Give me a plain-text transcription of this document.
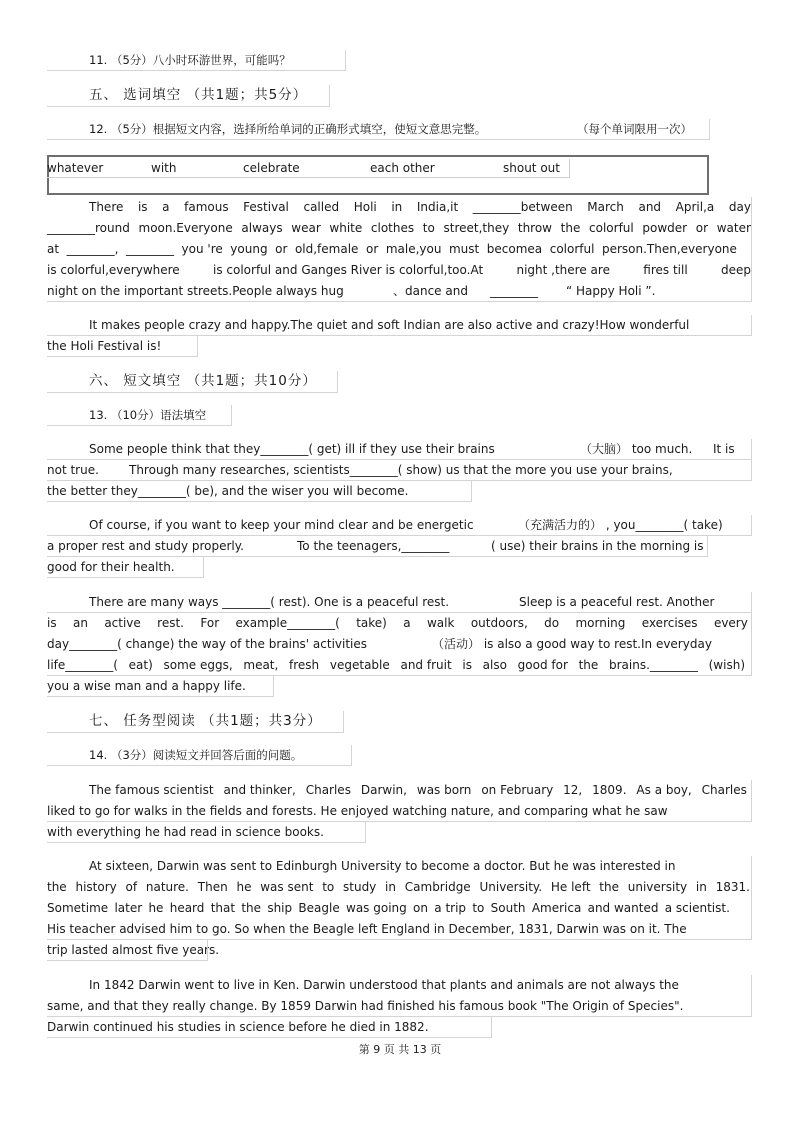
11. （5分）八小时环游世界，可能吗？
五、 选词填空 （共1题；共5分）
12. （5分）根据短文内容，选择所给单词的正确形式填空，使短文意思完整。	（每个单词限用一次）
whatever	with	celebrate	each other	shout out
There is a famous Festival called Holi in India,it ________between March and April,a day
________round moon.Everyone always wear white clothes to street,they throw the colorful powder or water
at ________, ________ you 're young or old,female or male,you must becomea colorful person.Then,everyone
is colorful,everywhere	is colorful and Ganges River is colorful,too.At	night ,there are	fires till	deep
night on the important streets.People always hug	、dance and ________ “ Happy Holi ”.
It makes people crazy and happy.The quiet and soft Indian are also active and crazy!How wonderful
the Holi Festival is!
六、 短文填空 （共1题；共10分）
13. （10分）语法填空
Some people think that they________( get) ill if they use their brains	（大脑） too much. It is
not true.	Through many researches, scientists________( show) us that the more you use your brains,
the better they________( be), and the wiser you will become.
Of course, if you want to keep your mind clear and be energetic	（充满活力的） , you________( take)
a proper rest and study properly.	To the teenagers,________	( use) their brains in the morning is
good for their health.
There are many ways ________( rest). One is a peaceful rest.	Sleep is a peaceful rest. Another
is an active rest. For example________( take) a walk outdoors, do morning exercises every
day________( change) the way of the brains' activities	（活动） is also a good way to rest.In everyday
life________( eat) some eggs, meat, fresh vegetable and fruit is also good for the brains.________ (wish)
you a wise man and a happy life.
七、 任务型阅读 （共1题；共3分）
14. （3分）阅读短文并回答后面的问题。
The famous scientist and thinker, Charles Darwin, was born on February 12, 1809. As a boy, Charles
liked to go for walks in the fields and forests. He enjoyed watching nature, and comparing what he saw
with everything he had read in science books.
At sixteen, Darwin was sent to Edinburgh University to become a doctor. But he was interested in
the history of nature. Then he was sent to study in Cambridge University. He left the university in 1831.
Sometime later he heard that the ship Beagle was going on a trip to South America and wanted a scientist.
His teacher advised him to go. So when the Beagle left England in December, 1831, Darwin was on it. The
trip lasted almost five years.
In 1842 Darwin went to live in Ken. Darwin understood that plants and animals are not always the
same, and that they really change. By 1859 Darwin had finished his famous book "The Origin of Species".
Darwin continued his studies in science before he died in 1882.
第 9 页 共 13 页
